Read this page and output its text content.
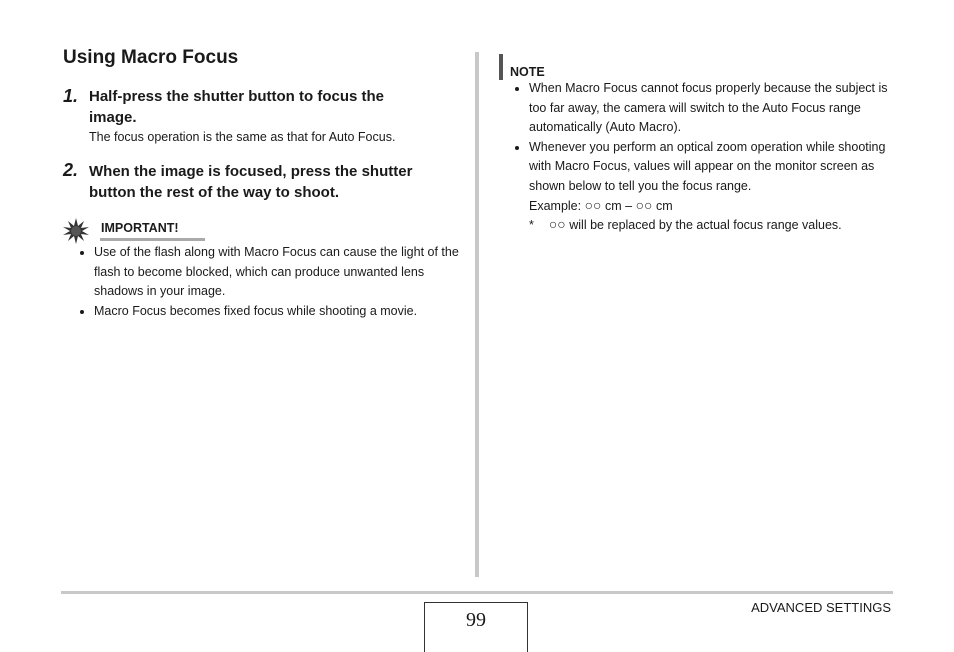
Using Macro Focus
1. Half-press the shutter button to focus the
image.
The focus operation is the same as that for Auto Focus.
2. When the image is focused, press the shutter
button the rest of the way to shoot.
IMPORTANT!
Use of the flash along with Macro Focus can cause the light of the flash to become blocked, which can produce unwanted lens shadows in your image.
Macro Focus becomes fixed focus while shooting a movie.
NOTE
When Macro Focus cannot focus properly because the subject is too far away, the camera will switch to the Auto Focus range automatically (Auto Macro).
Whenever you perform an optical zoom operation while shooting with Macro Focus, values will appear on the monitor screen as shown below to tell you the focus range.
Example: ○○ cm – ○○ cm
* ○○ will be replaced by the actual focus range values.
99
ADVANCED SETTINGS
